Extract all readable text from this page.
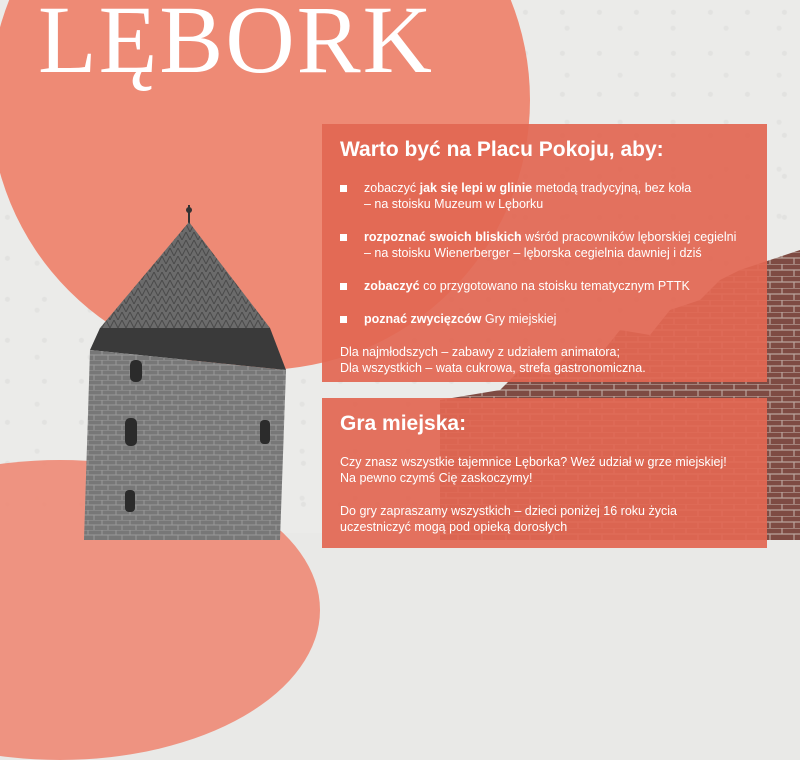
LĘBORK
Warto być na Placu Pokoju, aby:
zobaczyć jak się lepi w glinie metodą tradycyjną, bez koła
– na stoisku Muzeum w Lęborku
rozpoznać swoich bliskich wśród pracowników lęborskiej cegielni
– na stoisku Wienerberger – lęborska cegielnia dawniej i dziś
zobaczyć co przygotowano na stoisku tematycznym PTTK
poznać zwycięzców Gry miejskiej

Dla najmłodszych – zabawy z udziałem animatora;
Dla wszystkich – wata cukrowa, strefa gastronomiczna.

Gra miejska:

Czy znasz wszystkie tajemnice Lęborka? Weź udział w grze miejskiej!
Na pewno czymś Cię zaskoczymy!

Do gry zapraszamy wszystkich – dzieci poniżej 16 roku życia
uczestniczyć mogą pod opieką dorosłych
